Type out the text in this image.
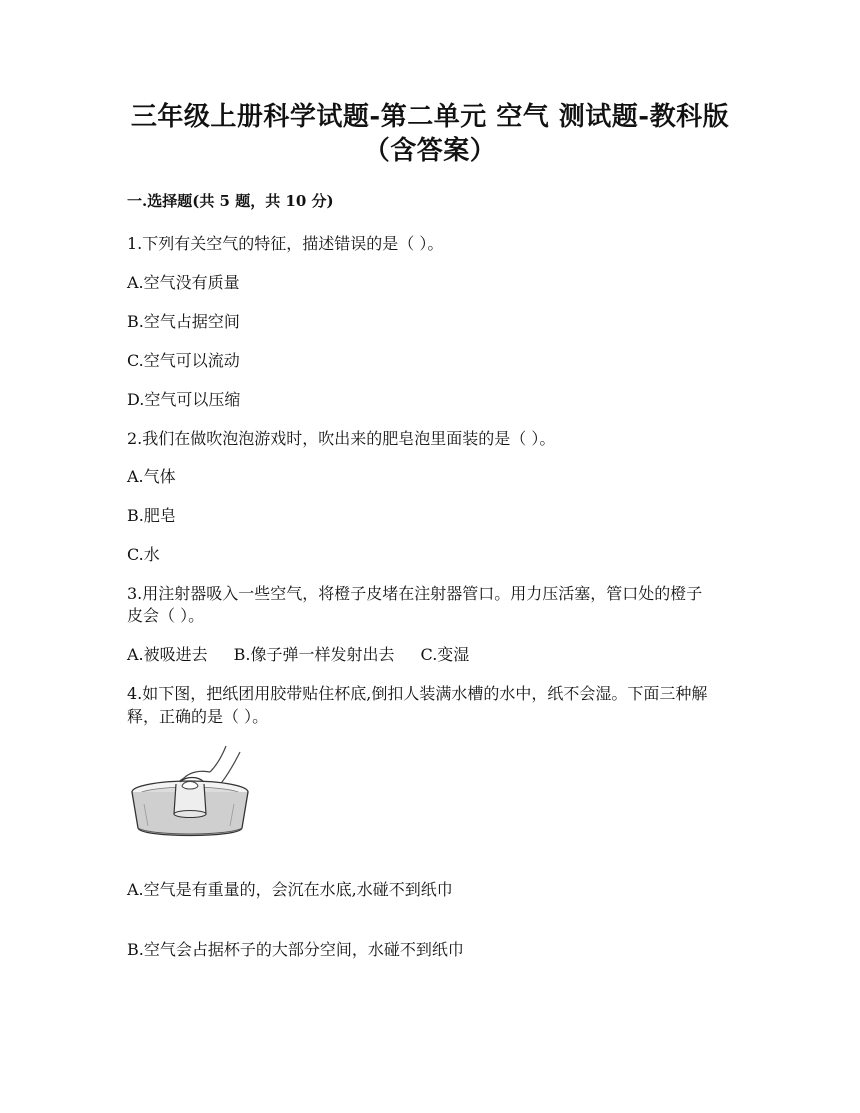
三年级上册科学试题-第二单元 空气 测试题-教科版
（含答案）
一.选择题(共 5 题，共 10 分)
1.下列有关空气的特征，描述错误的是（ ）。
A.空气没有质量
B.空气占据空间
C.空气可以流动
D.空气可以压缩
2.我们在做吹泡泡游戏时，吹出来的肥皂泡里面装的是（ ）。
A.气体
B.肥皂
C.水
3.用注射器吸入一些空气，将橙子皮堵在注射器管口。用力压活塞，管口处的橙子
皮会（ ）。
A.被吸进去 B.像子弹一样发射出去 C.变湿
4.如下图，把纸团用胶带贴住杯底,倒扣人装满水槽的水中，纸不会湿。下面三种解
释，正确的是（ ）。
A.空气是有重量的，会沉在水底,水碰不到纸巾
B.空气会占据杯子的大部分空间，水碰不到纸巾
